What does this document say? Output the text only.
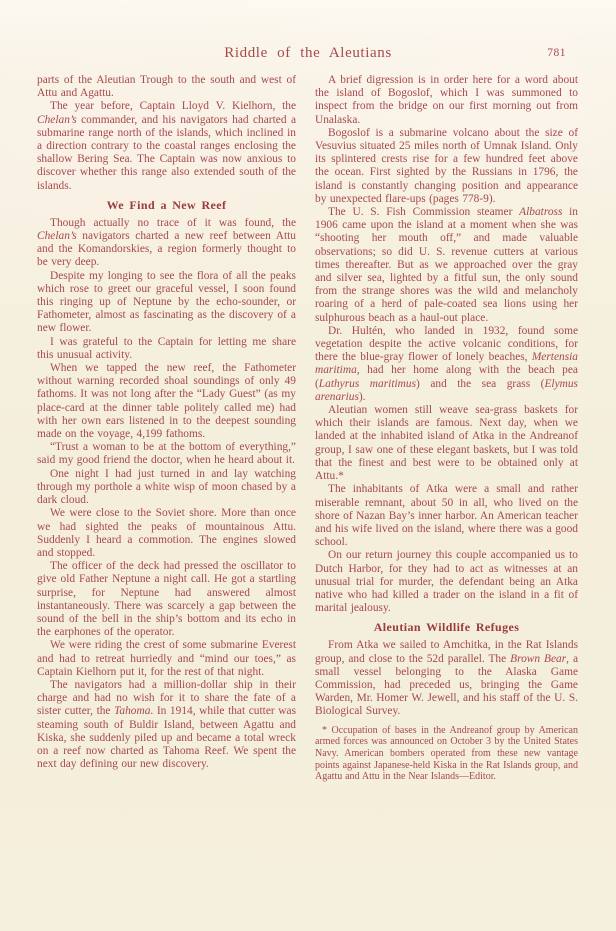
Riddle of the Aleutians	781

parts of the Aleutian Trough to the south and west of Attu and Agattu.

The year before, Captain Lloyd V. Kielhorn, the Chelan’s commander, and his navigators had charted a submarine range north of the islands, which inclined in a direction contrary to the coastal ranges enclosing the shallow Bering Sea. The Captain was now anxious to discover whether this range also extended south of the islands.

We Find a New Reef

Though actually no trace of it was found, the Chelan’s navigators charted a new reef between Attu and the Komandorskies, a region formerly thought to be very deep.

Despite my longing to see the flora of all the peaks which rose to greet our graceful vessel, I soon found this ringing up of Neptune by the echo-sounder, or Fathometer, almost as fascinating as the discovery of a new flower.

I was grateful to the Captain for letting me share this unusual activity.

When we tapped the new reef, the Fathometer without warning recorded shoal soundings of only 49 fathoms. It was not long after the “Lady Guest” (as my place-card at the dinner table politely called me) had with her own ears listened in to the deepest sounding made on the voyage, 4,199 fathoms.

“Trust a woman to be at the bottom of everything,” said my good friend the doctor, when he heard about it.

One night I had just turned in and lay watching through my porthole a white wisp of moon chased by a dark cloud.

We were close to the Soviet shore. More than once we had sighted the peaks of mountainous Attu. Suddenly I heard a commotion. The engines slowed and stopped.

The officer of the deck had pressed the oscillator to give old Father Neptune a night call. He got a startling surprise, for Neptune had answered almost instantaneously. There was scarcely a gap between the sound of the bell in the ship’s bottom and its echo in the earphones of the operator.

We were riding the crest of some submarine Everest and had to retreat hurriedly and “mind our toes,” as Captain Kielhorn put it, for the rest of that night.

The navigators had a million-dollar ship in their charge and had no wish for it to share the fate of a sister cutter, the Tahoma. In 1914, while that cutter was steaming south of Buldir Island, between Agattu and Kiska, she suddenly piled up and became a total wreck on a reef now charted as Tahoma Reef. We spent the next day defining our new discovery.

A brief digression is in order here for a word about the island of Bogoslof, which I was summoned to inspect from the bridge on our first morning out from Unalaska.

Bogoslof is a submarine volcano about the size of Vesuvius situated 25 miles north of Umnak Island. Only its splintered crests rise for a few hundred feet above the ocean. First sighted by the Russians in 1796, the island is constantly changing position and appearance by unexpected flare-ups (pages 778-9).

The U. S. Fish Commission steamer Albatross in 1906 came upon the island at a moment when she was “shooting her mouth off,” and made valuable observations; so did U. S. revenue cutters at various times thereafter. But as we approached over the gray and silver sea, lighted by a fitful sun, the only sound from the strange shores was the wild and melancholy roaring of a herd of pale-coated sea lions using her sulphurous beach as a haul-out place.

Dr. Hultén, who landed in 1932, found some vegetation despite the active volcanic conditions, for there the blue-gray flower of lonely beaches, Mertensia maritima, had her home along with the beach pea (Lathyrus maritimus) and the sea grass (Elymus arenarius).

Aleutian women still weave sea-grass baskets for which their islands are famous. Next day, when we landed at the inhabited island of Atka in the Andreanof group, I saw one of these elegant baskets, but I was told that the finest and best were to be obtained only at Attu.*

The inhabitants of Atka were a small and rather miserable remnant, about 50 in all, who lived on the shore of Nazan Bay’s inner harbor. An American teacher and his wife lived on the island, where there was a good school.

On our return journey this couple accompanied us to Dutch Harbor, for they had to act as witnesses at an unusual trial for murder, the defendant being an Atka native who had killed a trader on the island in a fit of marital jealousy.

Aleutian Wildlife Refuges

From Atka we sailed to Amchitka, in the Rat Islands group, and close to the 52d parallel. The Brown Bear, a small vessel belonging to the Alaska Game Commission, had preceded us, bringing the Game Warden, Mr. Homer W. Jewell, and his staff of the U. S. Biological Survey.

* Occupation of bases in the Andreanof group by American armed forces was announced on October 3 by the United States Navy. American bombers operated from these new vantage points against Japanese-held Kiska in the Rat Islands group, and Agattu and Attu in the Near Islands—Editor.
